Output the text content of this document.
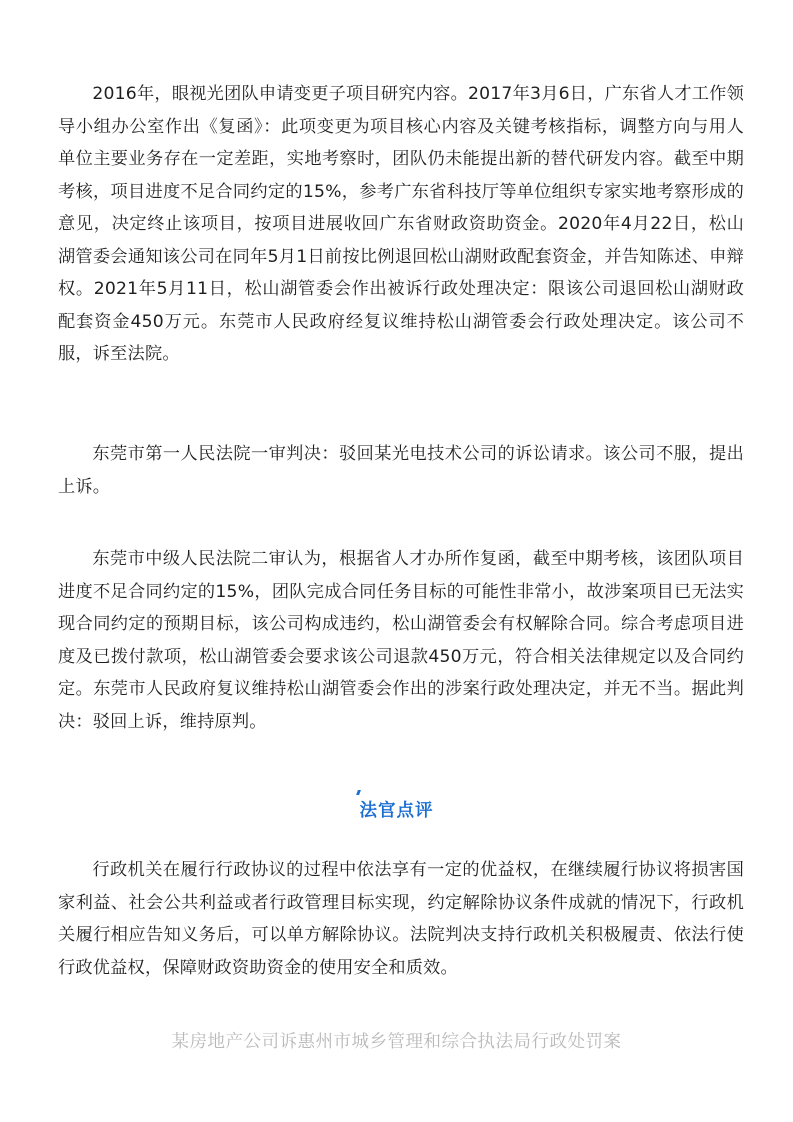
2016年，眼视光团队申请变更子项目研究内容。2017年3月6日，广东省人才工作领导小组办公室作出《复函》：此项变更为项目核心内容及关键考核指标，调整方向与用人单位主要业务存在一定差距，实地考察时，团队仍未能提出新的替代研发内容。截至中期考核，项目进度不足合同约定的15%，参考广东省科技厅等单位组织专家实地考察形成的意见，决定终止该项目，按项目进展收回广东省财政资助资金。2020年4月22日，松山湖管委会通知该公司在同年5月1日前按比例退回松山湖财政配套资金，并告知陈述、申辩权。2021年5月11日，松山湖管委会作出被诉行政处理决定：限该公司退回松山湖财政配套资金450万元。东莞市人民政府经复议维持松山湖管委会行政处理决定。该公司不服，诉至法院。

东莞市第一人民法院一审判决：驳回某光电技术公司的诉讼请求。该公司不服，提出上诉。

东莞市中级人民法院二审认为，根据省人才办所作复函，截至中期考核，该团队项目进度不足合同约定的15%，团队完成合同任务目标的可能性非常小，故涉案项目已无法实现合同约定的预期目标，该公司构成违约，松山湖管委会有权解除合同。综合考虑项目进度及已拨付款项，松山湖管委会要求该公司退款450万元，符合相关法律规定以及合同约定。东莞市人民政府复议维持松山湖管委会作出的涉案行政处理决定，并无不当。据此判决：驳回上诉，维持原判。

法官点评

行政机关在履行行政协议的过程中依法享有一定的优益权，在继续履行协议将损害国家利益、社会公共利益或者行政管理目标实现，约定解除协议条件成就的情况下，行政机关履行相应告知义务后，可以单方解除协议。法院判决支持行政机关积极履责、依法行使行政优益权，保障财政资助资金的使用安全和质效。

某房地产公司诉惠州市城乡管理和综合执法局行政处罚案
